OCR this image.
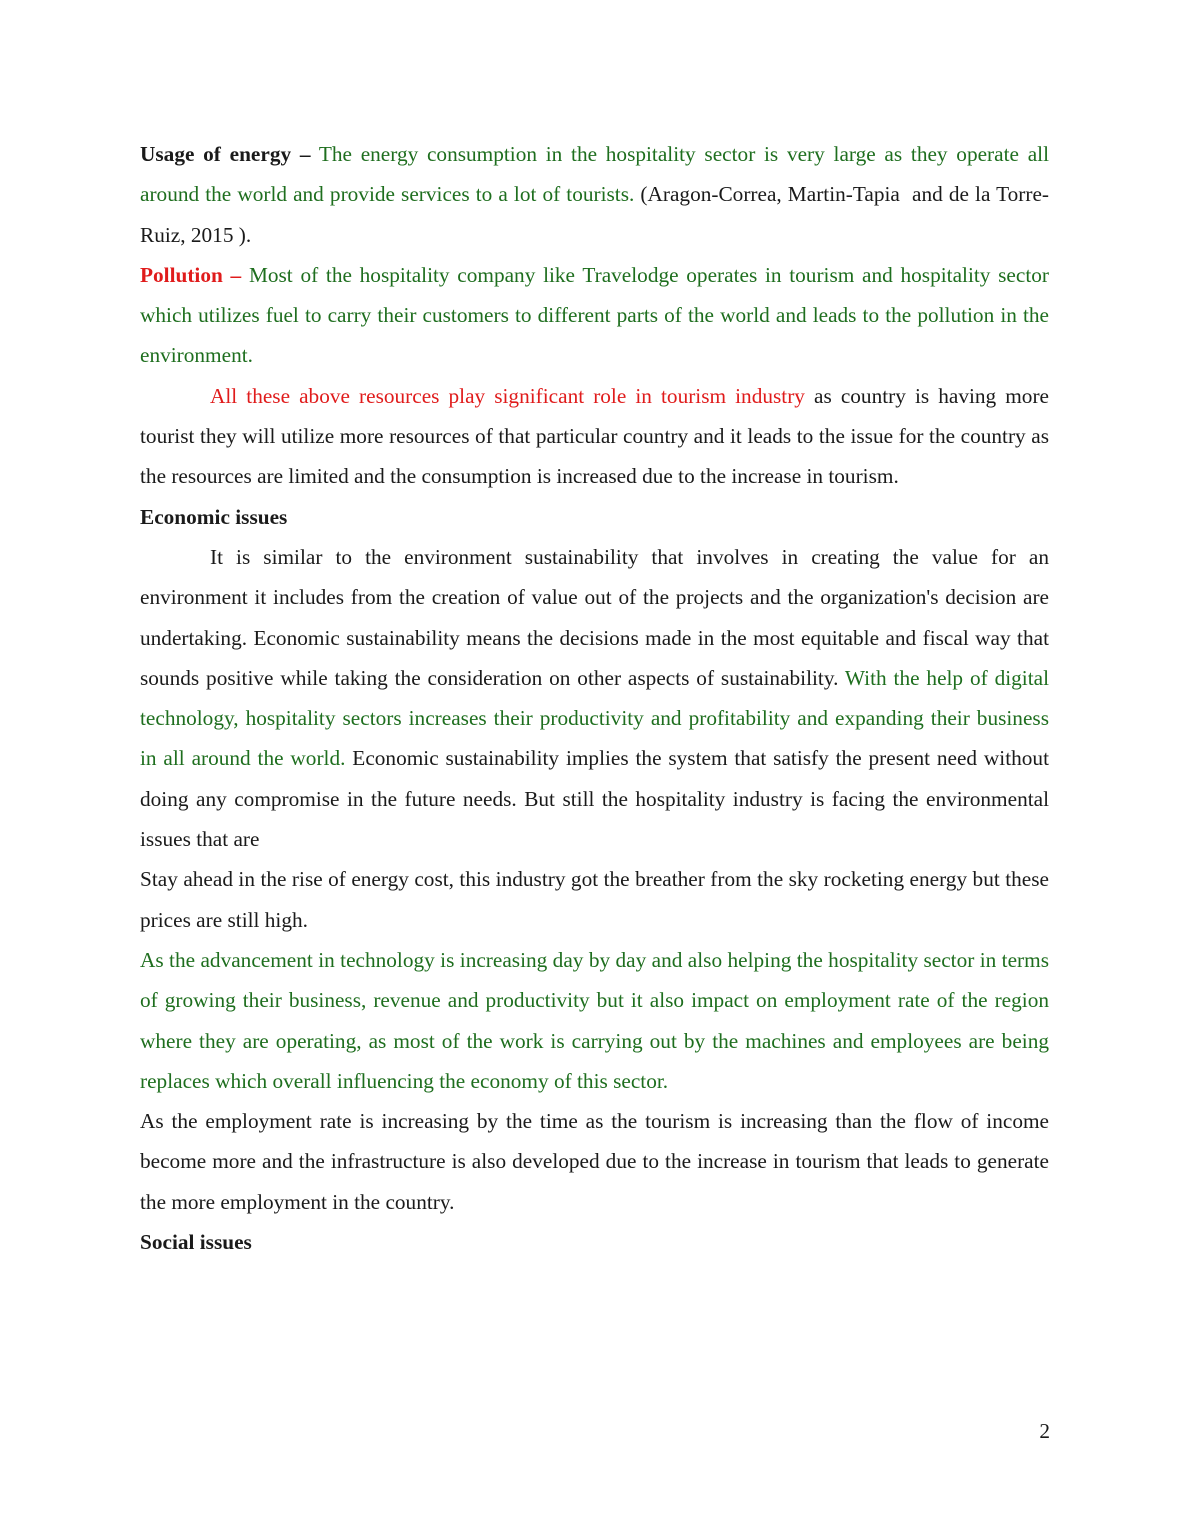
Usage of energy – The energy consumption in the hospitality sector is very large as they operate all around the world and provide services to a lot of tourists. (Aragon-Correa, Martin-Tapia  and de la Torre-Ruiz, 2015 ).

Pollution – Most of the hospitality company like Travelodge operates in tourism and hospitality sector which utilizes fuel to carry their customers to different parts of the world and leads to the pollution in the environment.

All these above resources play significant role in tourism industry as country is having more tourist they will utilize more resources of that particular country and it leads to the issue for the country as the resources are limited and the consumption is increased due to the increase in tourism.

Economic issues

It is similar to the environment sustainability that involves in creating the value for an environment it includes from the creation of value out of the projects and the organization's decision are undertaking. Economic sustainability means the decisions made in the most equitable and fiscal way that sounds positive while taking the consideration on other aspects of sustainability. With the help of digital technology, hospitality sectors increases their productivity and profitability and expanding their business in all around the world. Economic sustainability implies the system that satisfy the present need without doing any compromise in the future needs. But still the hospitality industry is facing the environmental issues that are

Stay ahead in the rise of energy cost, this industry got the breather from the sky rocketing energy but these prices are still high.

As the advancement in technology is increasing day by day and also helping the hospitality sector in terms of growing their business, revenue and productivity but it also impact on employment rate of the region where they are operating, as most of the work is carrying out by the machines and employees are being replaces which overall influencing the economy of this sector.

As the employment rate is increasing by the time as the tourism is increasing than the flow of income become more and the infrastructure is also developed due to the increase in tourism that leads to generate the more employment in the country.

Social issues

2
